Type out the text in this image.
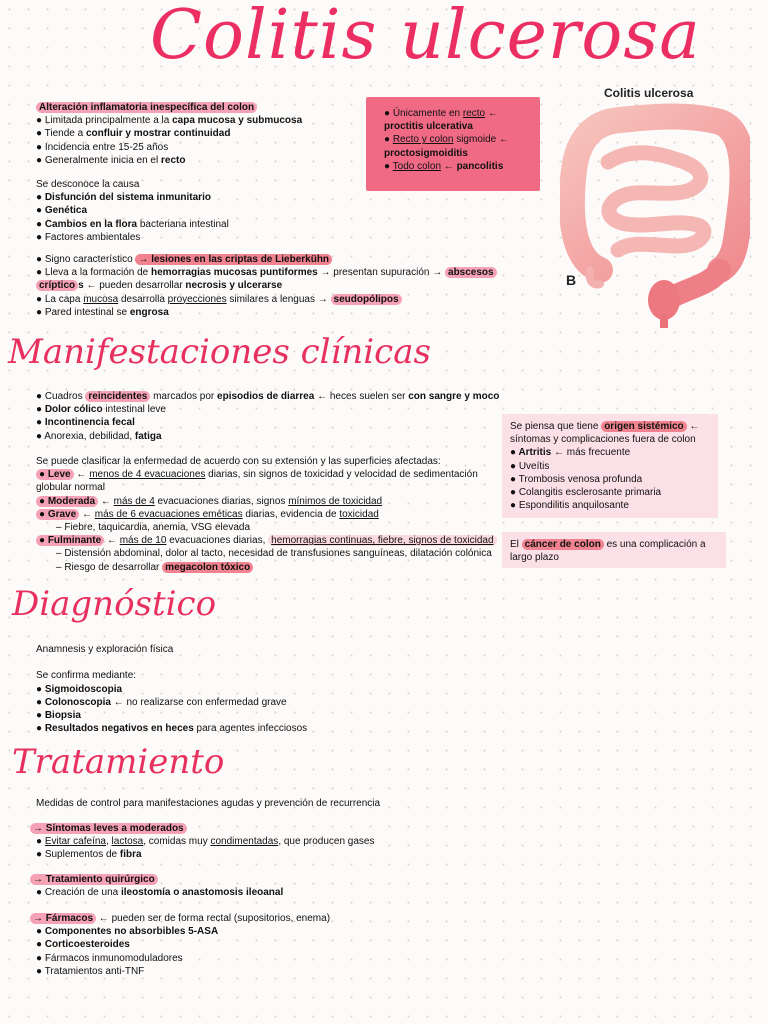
Colitis ulcerosa
● Únicamente en recto ←
proctitis ulcerativa
● Recto y colon sigmoide ←
proctosigmoiditis
● Todo colon ← pancolitis
Colitis ulcerosa
B
Alteración inflamatoria inespecífica del colon
● Limitada principalmente a la capa mucosa y submucosa
● Tiende a confluir y mostrar continuidad
● Incidencia entre 15-25 años
● Generalmente inicia en el recto
Se desconoce la causa
● Disfunción del sistema inmunitario
● Genética
● Cambios en la flora bacteriana intestinal
● Factores ambientales
● Signo característico → lesiones en las criptas de Lieberkühn
● Lleva a la formación de hemorragias mucosas puntiformes → presentan supuración → abscesos
críptico s ← pueden desarrollar necrosis y ulcerarse
● La capa mucosa desarrolla proyecciones similares a lenguas → seudopólipos
● Pared intestinal se engrosa
Manifestaciones clínicas
● Cuadros reincidentes marcados por episodios de diarrea ← heces suelen ser con sangre y moco
● Dolor cólico intestinal leve
● Incontinencia fecal
● Anorexia, debilidad, fatiga
Se puede clasificar la enfermedad de acuerdo con su extensión y las superficies afectadas:
● Leve ← menos de 4 evacuaciones diarias, sin signos de toxicidad y velocidad de sedimentación
globular normal
● Moderada ← más de 4 evacuaciones diarias, signos mínimos de toxicidad
● Grave ← más de 6 evacuaciones eméticas diarias, evidencia de toxicidad
– Fiebre, taquicardia, anemia, VSG elevada
● Fulminante ← más de 10 evacuaciones diarias, hemorragias continuas, fiebre, signos de toxicidad
– Distensión abdominal, dolor al tacto, necesidad de transfusiones sanguíneas, dilatación colónica
– Riesgo de desarrollar megacolon tóxico
Se piensa que tiene origen sistémico ←
síntomas y complicaciones fuera de colon
● Artritis ← más frecuente
● Uveítis
● Trombosis venosa profunda
● Colangitis esclerosante primaria
● Espondilitis anquilosante
El cáncer de colon es una complicación a
largo plazo
Diagnóstico
Anamnesis y exploración física

Se confirma mediante:
● Sigmoidoscopia
● Colonoscopia ← no realizarse con enfermedad grave
● Biopsia
● Resultados negativos en heces para agentes infecciosos
Tratamiento
Medidas de control para manifestaciones agudas y prevención de recurrencia
→ Síntomas leves a moderados
● Evitar cafeína, lactosa, comidas muy condimentadas, que producen gases
● Suplementos de fibra
→ Tratamiento quirúrgico
● Creación de una ileostomía o anastomosis ileoanal
→ Fármacos ← pueden ser de forma rectal (supositorios, enema)
● Componentes no absorbibles 5-ASA
● Corticoesteroides
● Fármacos inmunomoduladores
● Tratamientos anti-TNF
